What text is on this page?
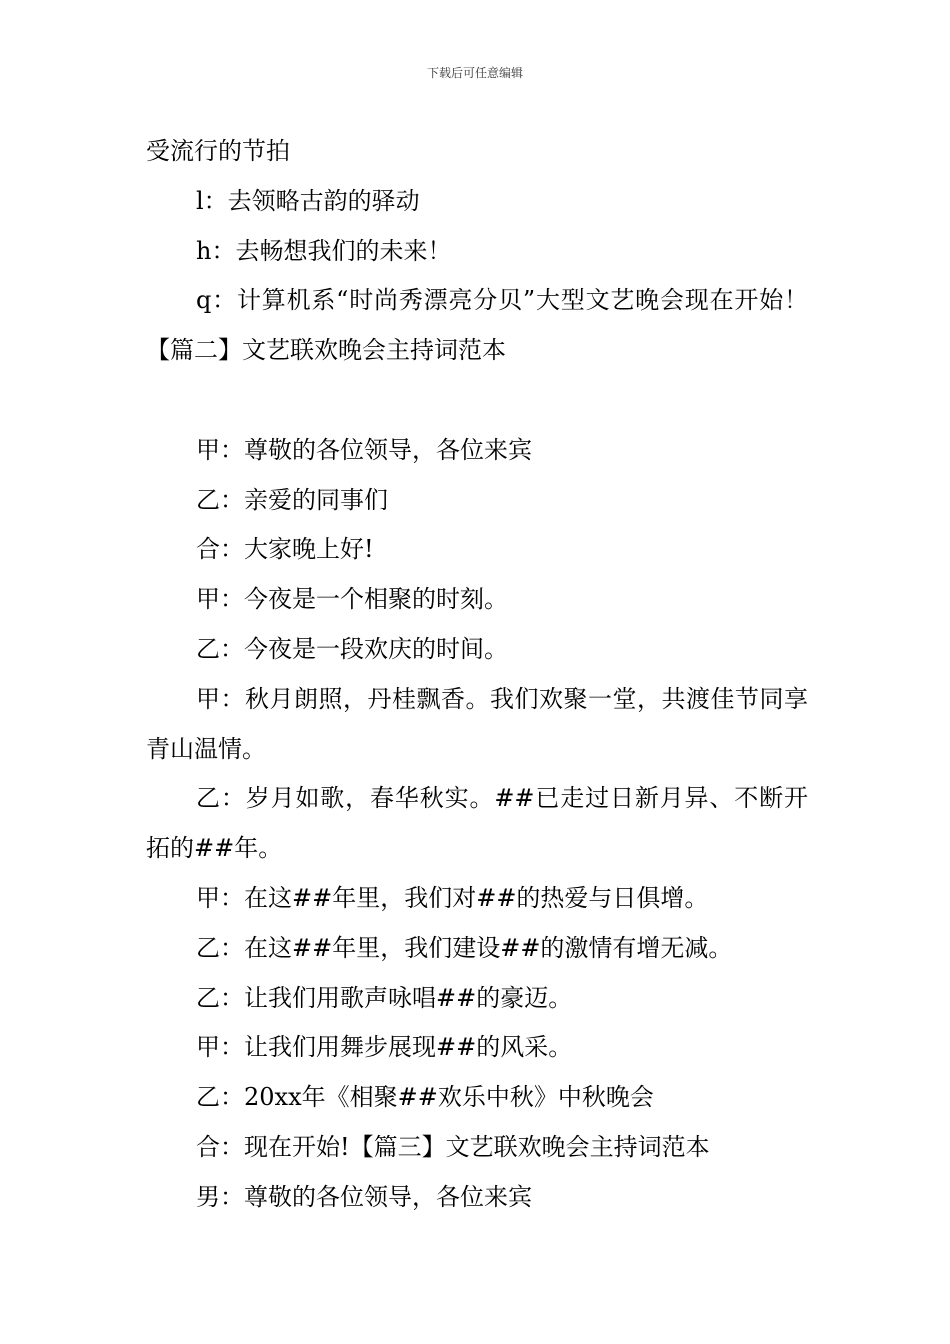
下载后可任意编辑

受流行的节拍

l：去领略古韵的驿动

h：去畅想我们的未来！

q：计算机系“时尚秀漂亮分贝”大型文艺晚会现在开始！【篇二】文艺联欢晚会主持词范本

甲：尊敬的各位领导，各位来宾

乙：亲爱的同事们

合：大家晚上好!

甲：今夜是一个相聚的时刻。

乙：今夜是一段欢庆的时间。

甲：秋月朗照，丹桂飘香。我们欢聚一堂，共渡佳节同享青山温情。

乙：岁月如歌，春华秋实。##已走过日新月异、不断开拓的##年。

甲：在这##年里，我们对##的热爱与日俱增。

乙：在这##年里，我们建设##的激情有增无减。

乙：让我们用歌声咏唱##的豪迈。

甲：让我们用舞步展现##的风采。

乙：20xx年《相聚##欢乐中秋》中秋晚会

合：现在开始!【篇三】文艺联欢晚会主持词范本

男：尊敬的各位领导，各位来宾
